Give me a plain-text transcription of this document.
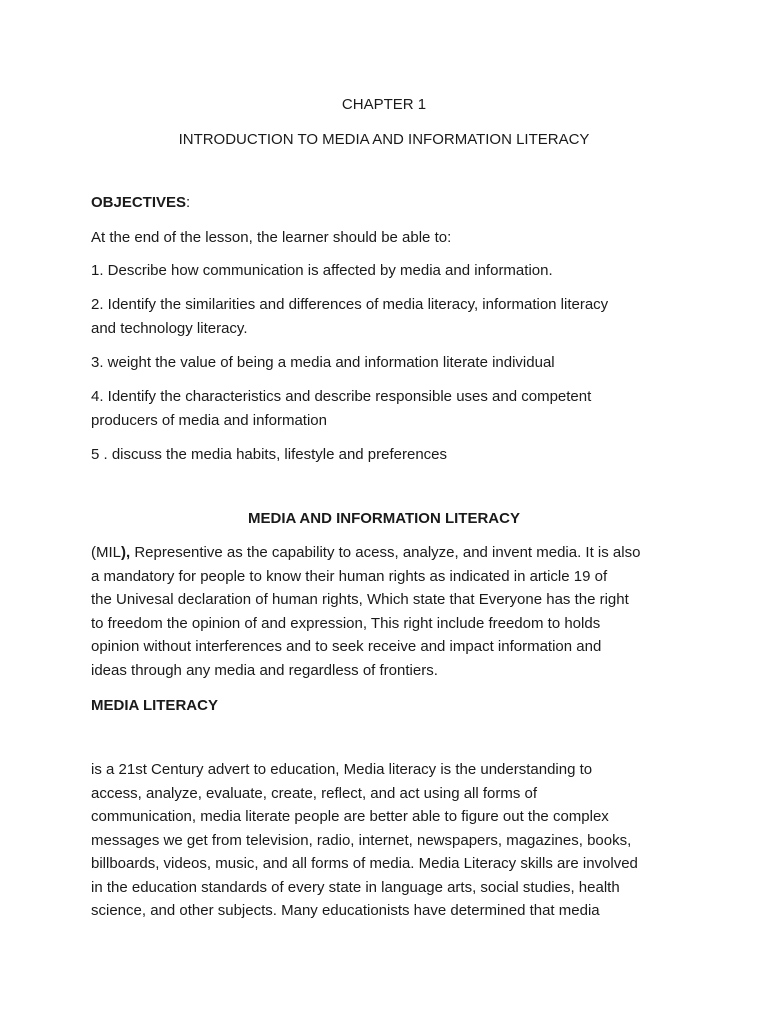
CHAPTER 1
INTRODUCTION TO MEDIA AND INFORMATION LITERACY
OBJECTIVES:
At the end of the lesson, the learner should be able to:
1. Describe how communication is affected by media and information.
2. Identify the similarities and differences of media literacy, information literacy
and technology literacy.
3. weight the value of being a media and information literate individual
4. Identify the characteristics and describe responsible uses and competent
producers of media and information
5 . discuss the media habits, lifestyle and preferences
MEDIA AND INFORMATION LITERACY
(MIL), Representive as the capability to acess, analyze, and invent media. It is also
a mandatory for people to know their human rights as indicated in article 19 of
the Univesal declaration of human rights, Which state that Everyone has the right
to freedom the opinion of and expression, This right include freedom to holds
opinion without interferences and to seek receive and impact information and
ideas through any media and regardless of frontiers.
MEDIA LITERACY
is a 21st Century advert to education, Media literacy is the understanding to
access, analyze, evaluate, create, reflect, and act using all forms of
communication, media literate people are better able to figure out the complex
messages we get from television, radio, internet, newspapers, magazines, books,
billboards, videos, music, and all forms of media. Media Literacy skills are involved
in the education standards of every state in language arts, social studies, health
science, and other subjects. Many educationists have determined that media
